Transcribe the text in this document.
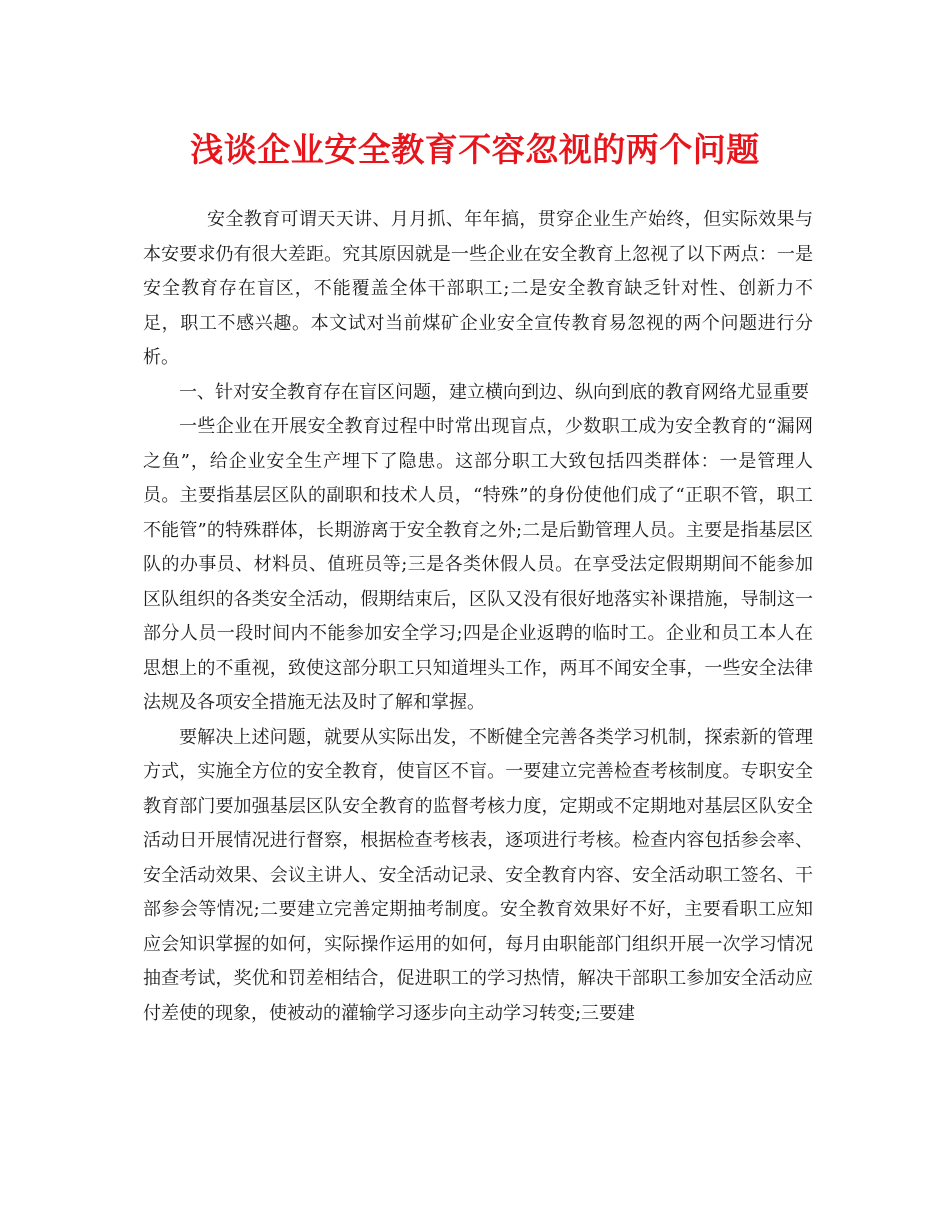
浅谈企业安全教育不容忽视的两个问题

安全教育可谓天天讲、月月抓、年年搞，贯穿企业生产始终，但实际效果与本安要求仍有很大差距。究其原因就是一些企业在安全教育上忽视了以下两点：一是安全教育存在盲区，不能覆盖全体干部职工;二是安全教育缺乏针对性、创新力不足，职工不感兴趣。本文试对当前煤矿企业安全宣传教育易忽视的两个问题进行分析。

一、针对安全教育存在盲区问题，建立横向到边、纵向到底的教育网络尤显重要

一些企业在开展安全教育过程中时常出现盲点，少数职工成为安全教育的“漏网之鱼”，给企业安全生产埋下了隐患。这部分职工大致包括四类群体：一是管理人员。主要指基层区队的副职和技术人员，“特殊”的身份使他们成了“正职不管，职工不能管”的特殊群体，长期游离于安全教育之外;二是后勤管理人员。主要是指基层区队的办事员、材料员、值班员等;三是各类休假人员。在享受法定假期期间不能参加区队组织的各类安全活动，假期结束后，区队又没有很好地落实补课措施，导制这一部分人员一段时间内不能参加安全学习;四是企业返聘的临时工。企业和员工本人在思想上的不重视，致使这部分职工只知道埋头工作，两耳不闻安全事，一些安全法律法规及各项安全措施无法及时了解和掌握。

要解决上述问题，就要从实际出发，不断健全完善各类学习机制，探索新的管理方式，实施全方位的安全教育，使盲区不盲。一要建立完善检查考核制度。专职安全教育部门要加强基层区队安全教育的监督考核力度，定期或不定期地对基层区队安全活动日开展情况进行督察，根据检查考核表，逐项进行考核。检查内容包括参会率、安全活动效果、会议主讲人、安全活动记录、安全教育内容、安全活动职工签名、干部参会等情况;二要建立完善定期抽考制度。安全教育效果好不好，主要看职工应知应会知识掌握的如何，实际操作运用的如何，每月由职能部门组织开展一次学习情况抽查考试，奖优和罚差相结合，促进职工的学习热情，解决干部职工参加安全活动应付差使的现象，使被动的灌输学习逐步向主动学习转变;三要建
